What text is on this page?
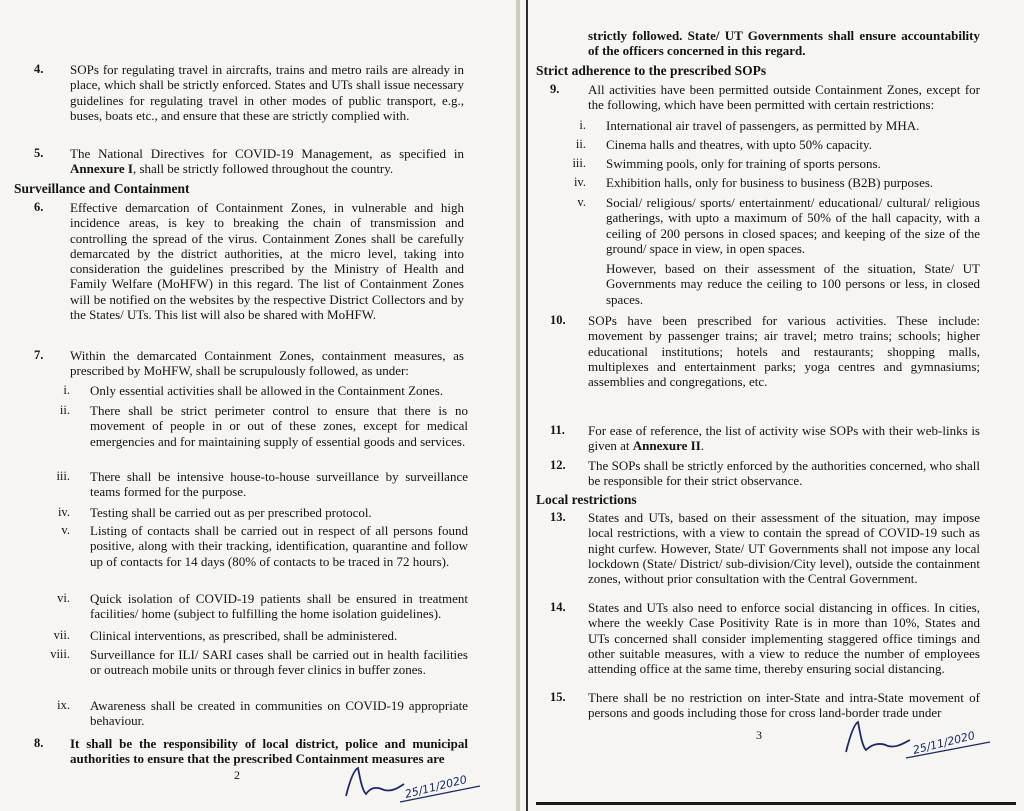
4. SOPs for regulating travel in aircrafts, trains and metro rails are already in place, which shall be strictly enforced. States and UTs shall issue necessary guidelines for regulating travel in other modes of public transport, e.g., buses, boats etc., and ensure that these are strictly complied with.
5. The National Directives for COVID-19 Management, as specified in Annexure I, shall be strictly followed throughout the country.
Surveillance and Containment
6. Effective demarcation of Containment Zones, in vulnerable and high incidence areas, is key to breaking the chain of transmission and controlling the spread of the virus. Containment Zones shall be carefully demarcated by the district authorities, at the micro level, taking into consideration the guidelines prescribed by the Ministry of Health and Family Welfare (MoHFW) in this regard. The list of Containment Zones will be notified on the websites by the respective District Collectors and by the States/ UTs. This list will also be shared with MoHFW.
7. Within the demarcated Containment Zones, containment measures, as prescribed by MoHFW, shall be scrupulously followed, as under:
i. Only essential activities shall be allowed in the Containment Zones.
ii. There shall be strict perimeter control to ensure that there is no movement of people in or out of these zones, except for medical emergencies and for maintaining supply of essential goods and services.
iii. There shall be intensive house-to-house surveillance by surveillance teams formed for the purpose.
iv. Testing shall be carried out as per prescribed protocol.
v. Listing of contacts shall be carried out in respect of all persons found positive, along with their tracking, identification, quarantine and follow up of contacts for 14 days (80% of contacts to be traced in 72 hours).
vi. Quick isolation of COVID-19 patients shall be ensured in treatment facilities/ home (subject to fulfilling the home isolation guidelines).
vii. Clinical interventions, as prescribed, shall be administered.
viii. Surveillance for ILI/ SARI cases shall be carried out in health facilities or outreach mobile units or through fever clinics in buffer zones.
ix. Awareness shall be created in communities on COVID-19 appropriate behaviour.
8. It shall be the responsibility of local district, police and municipal authorities to ensure that the prescribed Containment measures are
2	25/11/2020
strictly followed. State/ UT Governments shall ensure accountability of the officers concerned in this regard.
Strict adherence to the prescribed SOPs
9. All activities have been permitted outside Containment Zones, except for the following, which have been permitted with certain restrictions:
i. International air travel of passengers, as permitted by MHA.
ii. Cinema halls and theatres, with upto 50% capacity.
iii. Swimming pools, only for training of sports persons.
iv. Exhibition halls, only for business to business (B2B) purposes.
v. Social/ religious/ sports/ entertainment/ educational/ cultural/ religious gatherings, with upto a maximum of 50% of the hall capacity, with a ceiling of 200 persons in closed spaces; and keeping of the size of the ground/ space in view, in open spaces.
However, based on their assessment of the situation, State/ UT Governments may reduce the ceiling to 100 persons or less, in closed spaces.
10. SOPs have been prescribed for various activities. These include: movement by passenger trains; air travel; metro trains; schools; higher educational institutions; hotels and restaurants; shopping malls, multiplexes and entertainment parks; yoga centres and gymnasiums; assemblies and congregations, etc.
11. For ease of reference, the list of activity wise SOPs with their web-links is given at Annexure II.
12. The SOPs shall be strictly enforced by the authorities concerned, who shall be responsible for their strict observance.
Local restrictions
13. States and UTs, based on their assessment of the situation, may impose local restrictions, with a view to contain the spread of COVID-19 such as night curfew. However, State/ UT Governments shall not impose any local lockdown (State/ District/ sub-division/City level), outside the containment zones, without prior consultation with the Central Government.
14. States and UTs also need to enforce social distancing in offices. In cities, where the weekly Case Positivity Rate is in more than 10%, States and UTs concerned shall consider implementing staggered office timings and other suitable measures, with a view to reduce the number of employees attending office at the same time, thereby ensuring social distancing.
15. There shall be no restriction on inter-State and intra-State movement of persons and goods including those for cross land-border trade under
3	25/11/2020
